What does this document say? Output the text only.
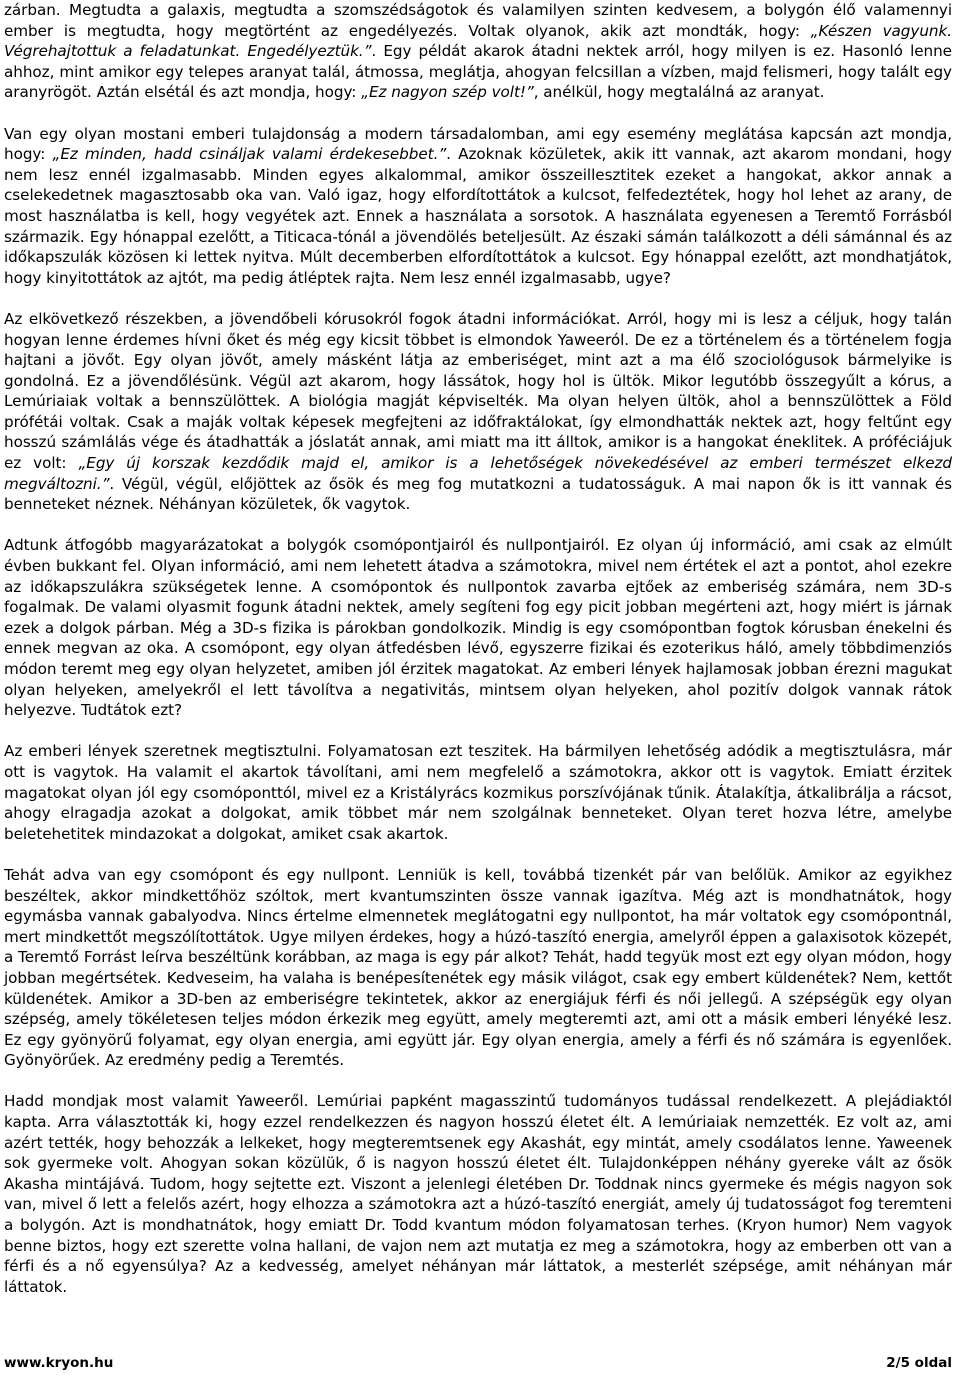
zárban. Megtudta a galaxis, megtudta a szomszédságotok és valamilyen szinten kedvesem, a bolygón élő valamennyi ember is megtudta, hogy megtörtént az engedélyezés. Voltak olyanok, akik azt mondták, hogy: „Készen vagyunk. Végrehajtottuk a feladatunkat. Engedélyeztük.”. Egy példát akarok átadni nektek arról, hogy milyen is ez. Hasonló lenne ahhoz, mint amikor egy telepes aranyat talál, átmossa, meglátja, ahogyan felcsillan a vízben, majd felismeri, hogy talált egy aranyrögöt. Aztán elsétál és azt mondja, hogy: „Ez nagyon szép volt!”, anélkül, hogy megtalálná az aranyat.

Van egy olyan mostani emberi tulajdonság a modern társadalomban, ami egy esemény meglátása kapcsán azt mondja, hogy: „Ez minden, hadd csináljak valami érdekesebbet.”. Azoknak közületek, akik itt vannak, azt akarom mondani, hogy nem lesz ennél izgalmasabb. Minden egyes alkalommal, amikor összeillesztitek ezeket a hangokat, akkor annak a cselekedetnek magasztosabb oka van. Való igaz, hogy elfordítottátok a kulcsot, felfedeztétek, hogy hol lehet az arany, de most használatba is kell, hogy vegyétek azt. Ennek a használata a sorsotok. A használata egyenesen a Teremtő Forrásból származik. Egy hónappal ezelőtt, a Titicaca-tónál a jövendölés beteljesült. Az északi sámán találkozott a déli sámánnal és az időkapszulák közösen ki lettek nyitva. Múlt decemberben elfordítottátok a kulcsot. Egy hónappal ezelőtt, azt mondhatjátok, hogy kinyitottátok az ajtót, ma pedig átléptek rajta. Nem lesz ennél izgalmasabb, ugye?

Az elkövetkező részekben, a jövendőbeli kórusokról fogok átadni információkat. Arról, hogy mi is lesz a céljuk, hogy talán hogyan lenne érdemes hívni őket és még egy kicsit többet is elmondok Yaweeról. De ez a történelem és a történelem fogja hajtani a jövőt. Egy olyan jövőt, amely másként látja az emberiséget, mint azt a ma élő szociológusok bármelyike is gondolná. Ez a jövendőlésünk. Végül azt akarom, hogy lássátok, hogy hol is ültök. Mikor legutóbb összegyűlt a kórus, a Lemúriaiak voltak a bennszülöttek. A biológia magját képviselték. Ma olyan helyen ültök, ahol a bennszülöttek a Föld prófétái voltak. Csak a maják voltak képesek megfejteni az időfraktálokat, így elmondhatták nektek azt, hogy feltűnt egy hosszú számlálás vége és átadhatták a jóslatát annak, ami miatt ma itt álltok, amikor is a hangokat éneklitek. A próféciájuk ez volt: „Egy új korszak kezdődik majd el, amikor is a lehetőségek növekedésével az emberi természet elkezd megváltozni.”. Végül, végül, előjöttek az ősök és meg fog mutatkozni a tudatosságuk. A mai napon ők is itt vannak és benneteket néznek. Néhányan közületek, ők vagytok.

Adtunk átfogóbb magyarázatokat a bolygók csomópontjairól és nullpontjairól. Ez olyan új információ, ami csak az elmúlt évben bukkant fel. Olyan információ, ami nem lehetett átadva a számotokra, mivel nem értétek el azt a pontot, ahol ezekre az időkapszulákra szükségetek lenne. A csomópontok és nullpontok zavarba ejtőek az emberiség számára, nem 3D-s fogalmak. De valami olyasmit fogunk átadni nektek, amely segíteni fog egy picit jobban megérteni azt, hogy miért is járnak ezek a dolgok párban. Még a 3D-s fizika is párokban gondolkozik. Mindig is egy csomópontban fogtok kórusban énekelni és ennek megvan az oka. A csomópont, egy olyan átfedésben lévő, egyszerre fizikai és ezoterikus háló, amely többdimenziós módon teremt meg egy olyan helyzetet, amiben jól érzitek magatokat. Az emberi lények hajlamosak jobban érezni magukat olyan helyeken, amelyekről el lett távolítva a negativitás, mintsem olyan helyeken, ahol pozitív dolgok vannak rátok helyezve. Tudtátok ezt?

Az emberi lények szeretnek megtisztulni. Folyamatosan ezt teszitek. Ha bármilyen lehetőség adódik a megtisztulásra, már ott is vagytok. Ha valamit el akartok távolítani, ami nem megfelelő a számotokra, akkor ott is vagytok. Emiatt érzitek magatokat olyan jól egy csomóponttól, mivel ez a Kristályrács kozmikus porszívójának tűnik. Átalakítja, átkalibrálja a rácsot, ahogy elragadja azokat a dolgokat, amik többet már nem szolgálnak benneteket. Olyan teret hozva létre, amelybe beletehetitek mindazokat a dolgokat, amiket csak akartok.

Tehát adva van egy csomópont és egy nullpont. Lenniük is kell, továbbá tizenkét pár van belőlük. Amikor az egyikhez beszéltek, akkor mindkettőhöz szóltok, mert kvantumszinten össze vannak igazítva. Még azt is mondhatnátok, hogy egymásba vannak gabalyodva. Nincs értelme elmennetek meglátogatni egy nullpontot, ha már voltatok egy csomópontnál, mert mindkettőt megszólítottátok. Ugye milyen érdekes, hogy a húzó-taszító energia, amelyről éppen a galaxisotok közepét, a Teremtő Forrást leírva beszéltünk korábban, az maga is egy pár alkot? Tehát, hadd tegyük most ezt egy olyan módon, hogy jobban megértsétek. Kedveseim, ha valaha is benépesítenétek egy másik világot, csak egy embert küldenétek? Nem, kettőt küldenétek. Amikor a 3D-ben az emberiségre tekintetek, akkor az energiájuk férfi és női jellegű. A szépségük egy olyan szépség, amely tökéletesen teljes módon érkezik meg együtt, amely megteremti azt, ami ott a másik emberi lényéké lesz. Ez egy gyönyörű folyamat, egy olyan energia, ami együtt jár. Egy olyan energia, amely a férfi és nő számára is egyenlőek. Gyönyörűek. Az eredmény pedig a Teremtés.

Hadd mondjak most valamit Yaweeről. Lemúriai papként magasszintű tudományos tudással rendelkezett. A plejádiaktól kapta. Arra választották ki, hogy ezzel rendelkezzen és nagyon hosszú életet élt. A lemúriaiak nemzették. Ez volt az, ami azért tették, hogy behozzák a lelkeket, hogy megteremtsenek egy Akashát, egy mintát, amely csodálatos lenne. Yaweenek sok gyermeke volt. Ahogyan sokan közülük, ő is nagyon hosszú életet élt. Tulajdonképpen néhány gyereke vált az ősök Akasha mintájává. Tudom, hogy sejtette ezt. Viszont a jelenlegi életében Dr. Toddnak nincs gyermeke és mégis nagyon sok van, mivel ő lett a felelős azért, hogy elhozza a számotokra azt a húzó-taszító energiát, amely új tudatosságot fog teremteni a bolygón. Azt is mondhatnátok, hogy emiatt Dr. Todd kvantum módon folyamatosan terhes. (Kryon humor) Nem vagyok benne biztos, hogy ezt szerette volna hallani, de vajon nem azt mutatja ez meg a számotokra, hogy az emberben ott van a férfi és a nő egyensúlya? Az a kedvesség, amelyet néhányan már láttatok, a mesterlét szépsége, amit néhányan már láttatok.

www.kryon.hu	2/5 oldal
